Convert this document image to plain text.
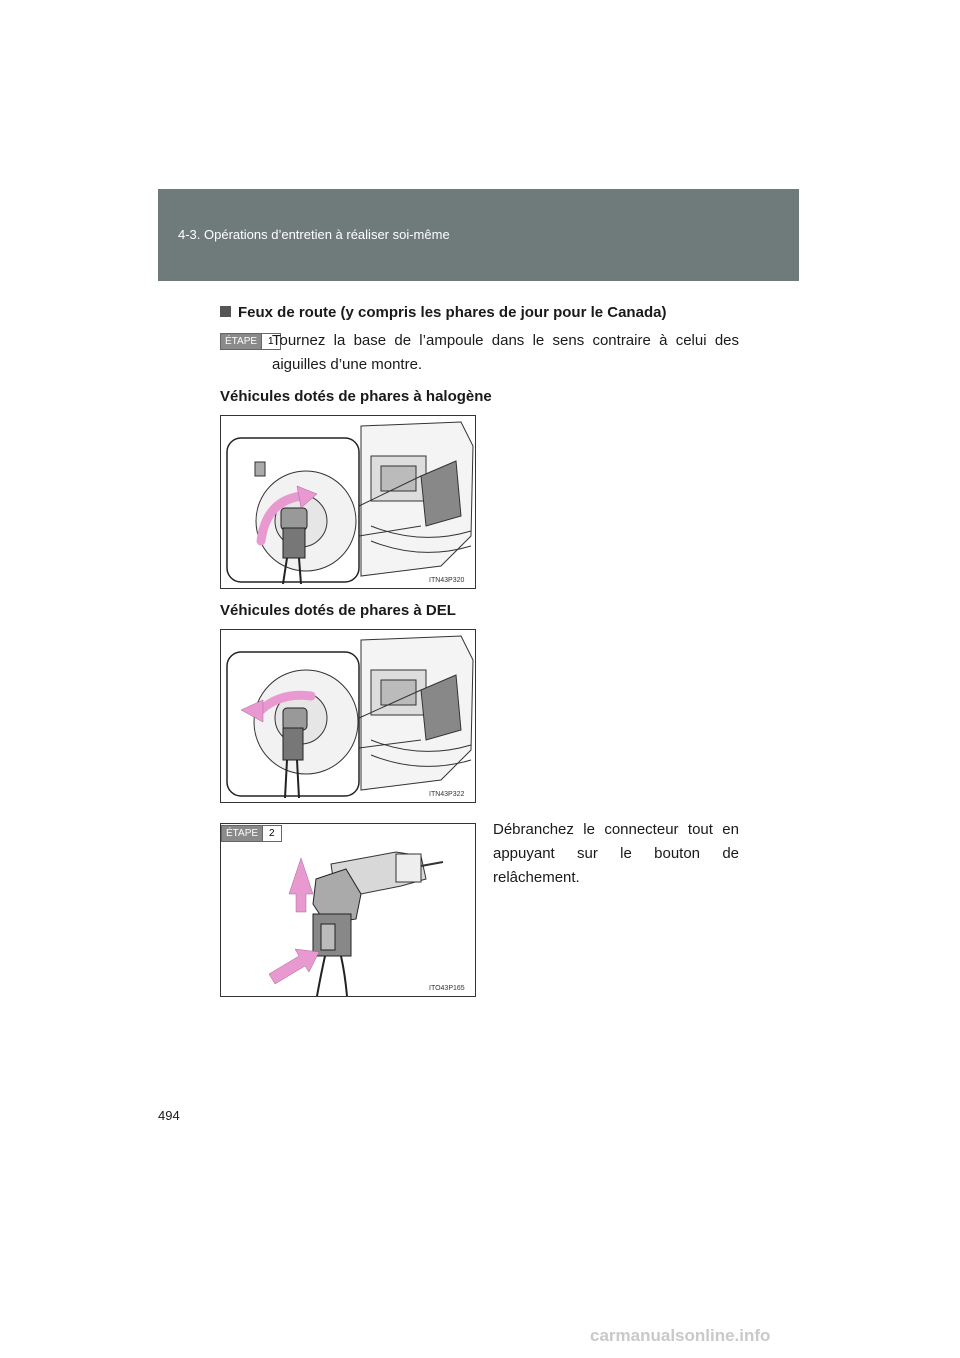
4-3. Opérations d’entretien à réaliser soi-même
Feux de route (y compris les phares de jour pour le Canada)
ÉTAPE	1
Tournez la base de l’ampoule dans le sens contraire à celui des aiguilles d’une montre.
Véhicules dotés de phares à halogène
ITN43P320
Véhicules dotés de phares à DEL
ITN43P322
ITO43P165
ÉTAPE	2	Débranchez le connecteur tout en appuyant sur le bouton de relâchement.
494
carmanualsonline.info
